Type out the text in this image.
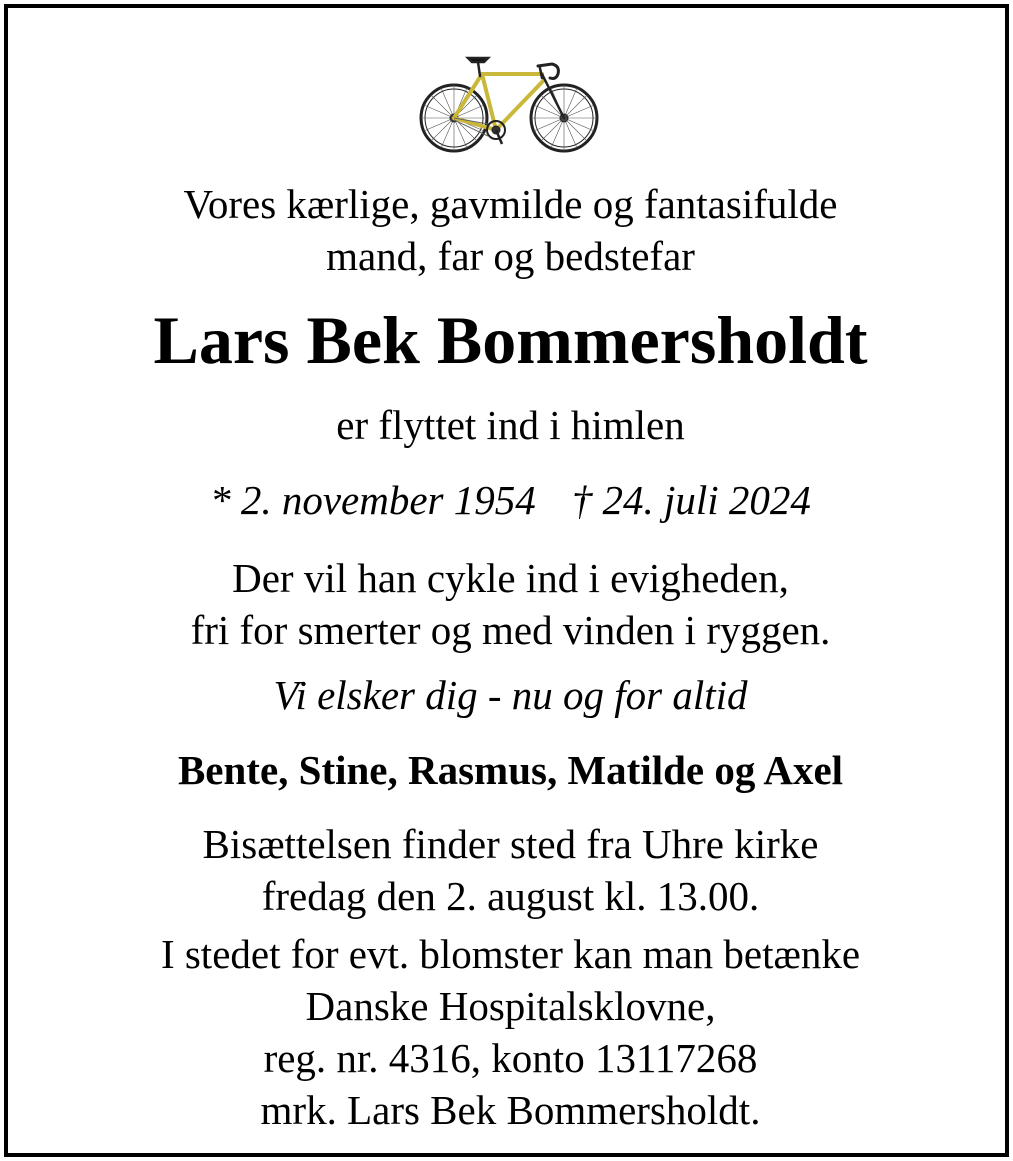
Vores kærlige, gavmilde og fantasifulde
mand, far og bedstefar
Lars Bek Bommersholdt
er flyttet ind i himlen
* 2. november 1954 † 24. juli 2024
Der vil han cykle ind i evigheden,
fri for smerter og med vinden i ryggen.
Vi elsker dig - nu og for altid
Bente, Stine, Rasmus, Matilde og Axel
Bisættelsen finder sted fra Uhre kirke
fredag den 2. august kl. 13.00.
I stedet for evt. blomster kan man betænke
Danske Hospitalsklovne,
reg. nr. 4316, konto 13117268
mrk. Lars Bek Bommersholdt.
